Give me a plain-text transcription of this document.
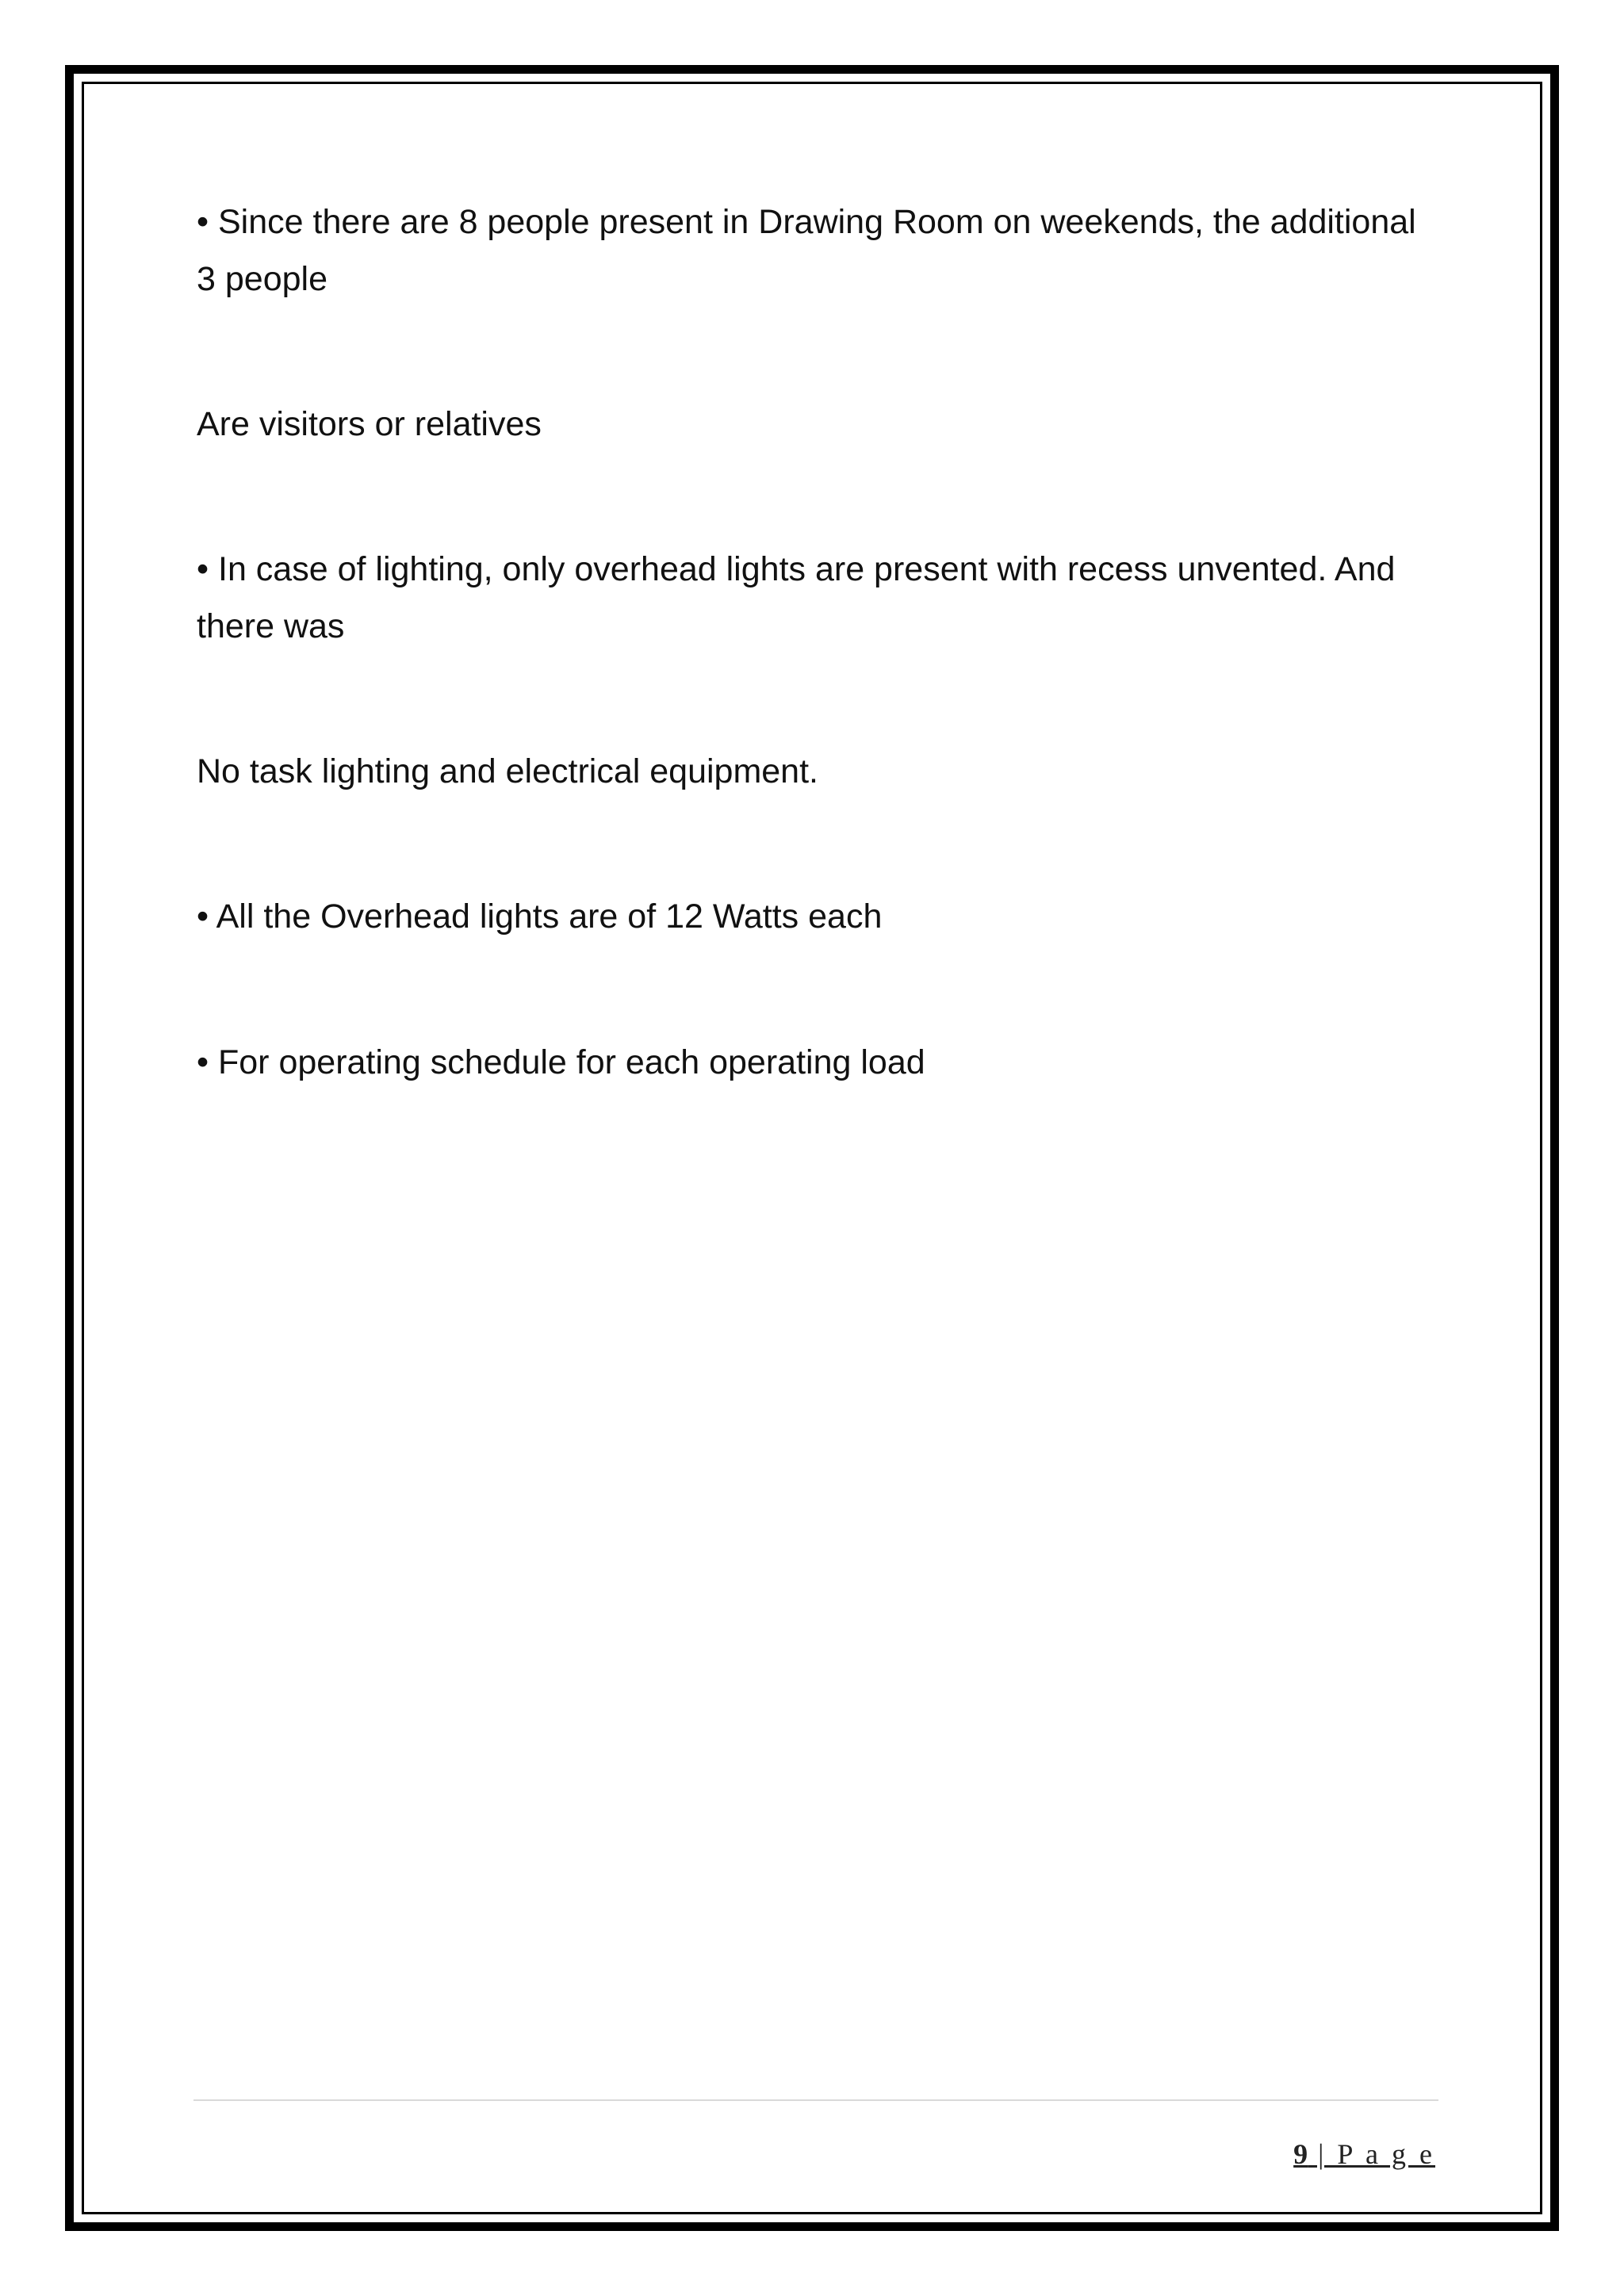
• Since there are 8 people present in Drawing Room on weekends, the additional 3 people

Are visitors or relatives

• In case of lighting, only overhead lights are present with recess unvented. And there was

No task lighting and electrical equipment.

• All the Overhead lights are of 12 Watts each

• For operating schedule for each operating load

9 | P a g e
